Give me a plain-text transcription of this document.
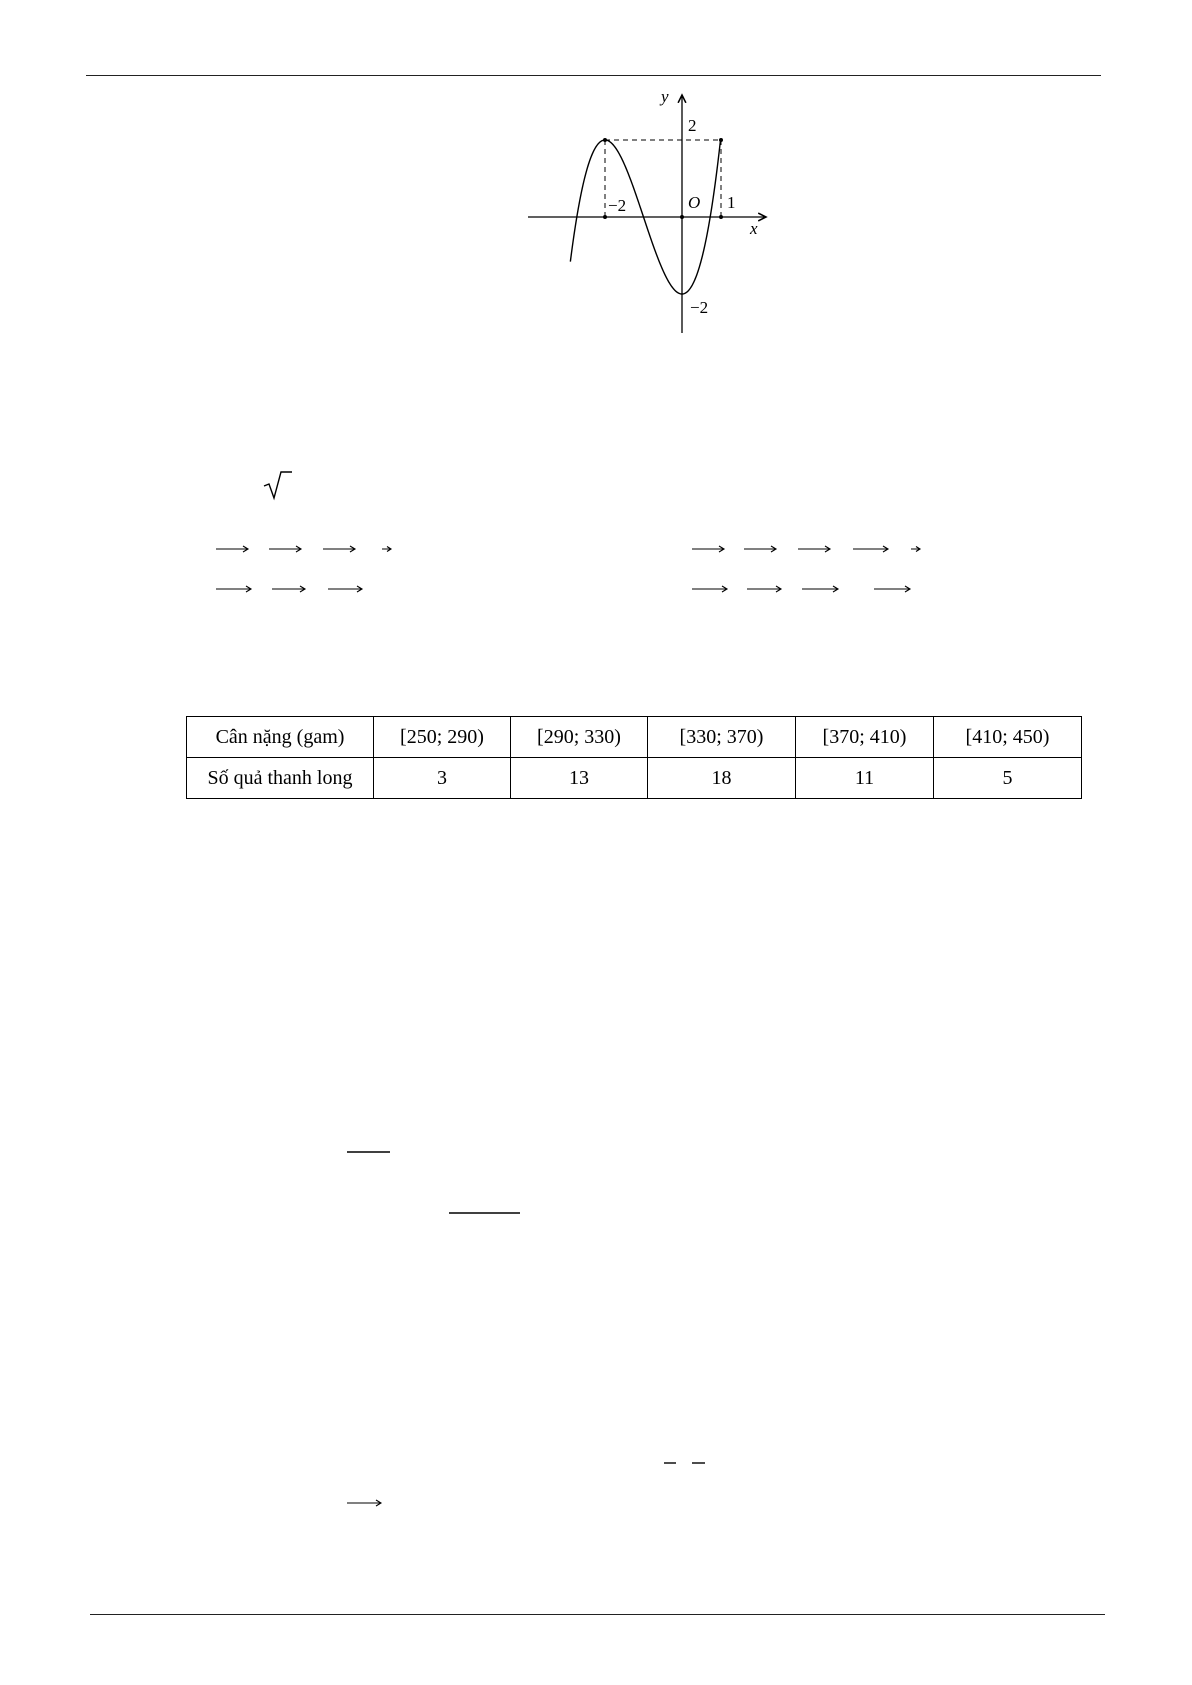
y
x
O
2
−2	1
−2
Cân nặng (gam)	[250; 290)	[290; 330)	[330; 370)	[370; 410)	[410; 450)
Số quả thanh long	3	13	18	11	5
